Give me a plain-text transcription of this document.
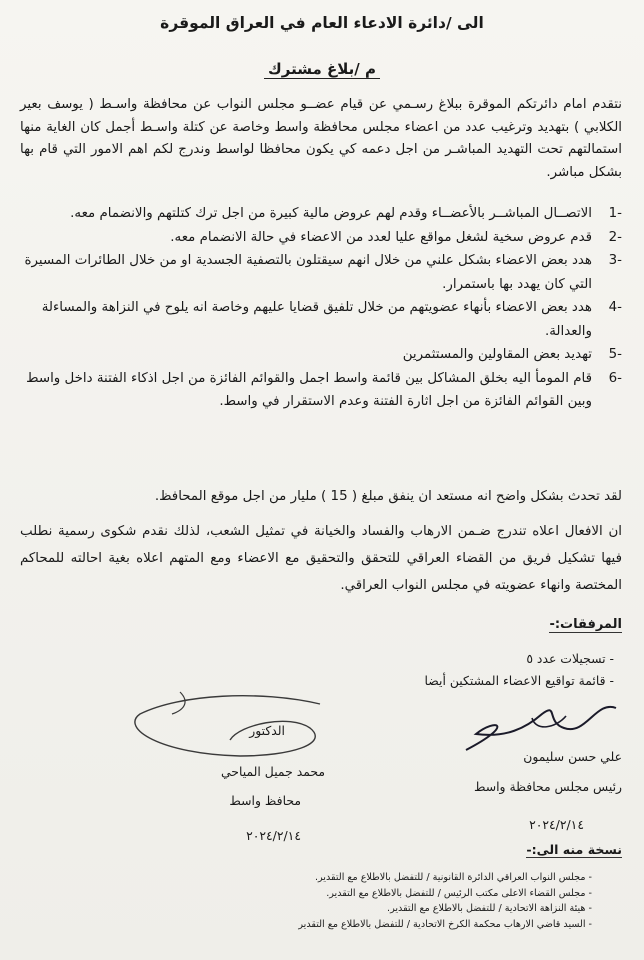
الى /دائرة الادعاء العام في العراق الموقرة
م /بلاغ مشترك

نتقدم امام دائرتكم الموقرة ببلاغ رسـمي عن قيام عضــو مجلس النواب عن محافظة واسـط ( يوسف بعير الكلابي ) بتهديد وترغيب عدد من اعضاء مجلس محافظة واسط وخاصة عن كتلة واسـط أجمل كان الغاية منها استمالتهم تحت التهديد المباشـر من اجل دعمه كي يكون محافظا لواسط وندرج لكم اهم الامور التي قام بها بشكل مباشر.

-1
الاتصــال المباشــر بالأعضــاء وقدم لهم عروض مالية كبيرة من اجل ترك كتلتهم والانضمام معه.
-2
قدم عروض سخية لشغل مواقع عليا لعدد من الاعضاء في حالة الانضمام معه.
-3
هدد بعض الاعضاء بشكل علني من خلال انهم سيقتلون بالتصفية الجسدية او من خلال الطائرات المسيرة التي كان يهدد بها باستمرار.
-4
هدد بعض الاعضاء بأنهاء عضويتهم من خلال تلفيق قضايا عليهم وخاصة انه يلوح في النزاهة والمساءلة والعدالة.
-5
تهديد بعض المقاولين والمستثمرين
-6
قام المومأ اليه بخلق المشاكل بين قائمة واسط اجمل والقوائم الفائزة من اجل اذكاء الفتنة داخل واسط وبين القوائم الفائزة من اجل اثارة الفتنة وعدم الاستقرار في واسط.
لقد تحدث بشكل واضح انه مستعد ان ينفق مبلغ ( 15 ) مليار من اجل موقع المحافظ.
ان الافعال اعلاه تندرج ضـمن الارهاب والفساد والخيانة في تمثيل الشعب، لذلك نقدم شكوى رسمية نطلب فيها تشكيل فريق من القضاء العراقي للتحقق والتحقيق مع الاعضاء ومع المتهم اعلاه بغية احالته للمحاكم المختصة وانهاء عضويته في مجلس النواب العراقي.
المرفقات:-
- تسجيلات عدد ٥
- قائمة تواقيع الاعضاء المشتكين أيضا
علي حسن سليمون
رئيس مجلس محافظة واسط
٢٠٢٤/٢/١٤
الدكتور
محمد جميل المياحي
محافظ واسط
٢٠٢٤/٢/١٤
نسخة منه الى:-
- مجلس النواب العراقي الدائرة القانونية / للتفضل بالاطلاع مع التقدير.
- مجلس القضاء الاعلى مكتب الرئيس / للتفضل بالاطلاع مع التقدير.
- هيئة النزاهة الاتحادية / للتفضل بالاطلاع مع التقدير.
- السيد قاضي الارهاب محكمة الكرخ الاتحادية / للتفضل بالاطلاع مع التقدير
